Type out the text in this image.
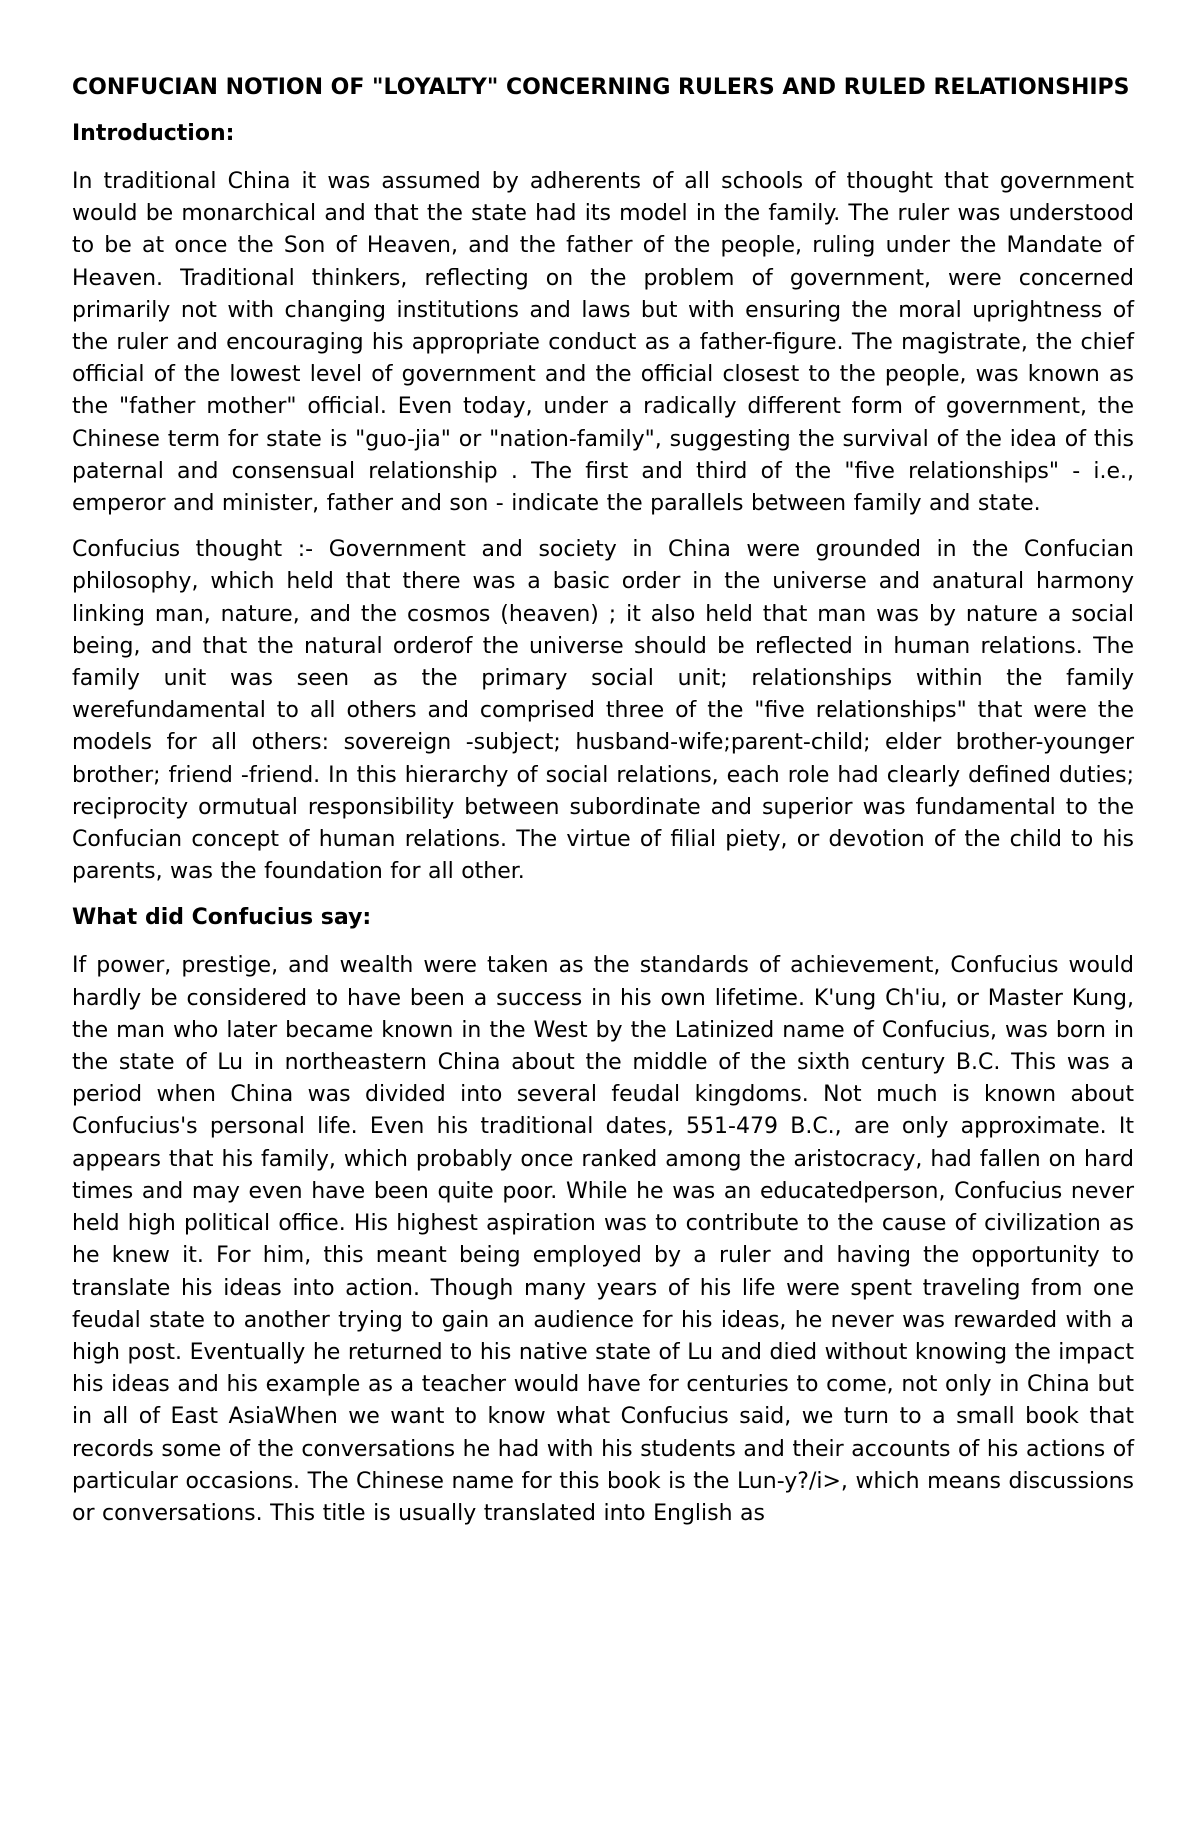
CONFUCIAN NOTION OF "LOYALTY" CONCERNING RULERS AND RULED RELATIONSHIPS
Introduction:

In traditional China it was assumed by adherents of all schools of thought that government would be monarchical and that the state had its model in the family. The ruler was understood to be at once the Son of Heaven, and the father of the people, ruling under the Mandate of Heaven. Traditional thinkers, reflecting on the problem of government, were concerned primarily not with changing institutions and laws but with ensuring the moral uprightness of the ruler and encouraging his appropriate conduct as a father-figure. The magistrate, the chief official of the lowest level of government and the official closest to the people, was known as the "father mother" official. Even today, under a radically different form of government, the Chinese term for state is "guo-jia" or "nation-family", suggesting the survival of the idea of this paternal and consensual relationship . The first and third of the "five relationships" - i.e., emperor and minister, father and son - indicate the parallels between family and state.

Confucius thought :- Government and society in China were grounded in the Confucian philosophy, which held that there was a basic order in the universe and anatural harmony linking man, nature, and the cosmos (heaven) ; it also held that man was by nature a social being, and that the natural orderof the universe should be reflected in human relations. The family unit was seen as the primary social unit; relationships within the family werefundamental to all others and comprised three of the "five relationships" that were the models for all others: sovereign -subject; husband-wife;parent-child; elder brother-younger brother; friend -friend. In this hierarchy of social relations, each role had clearly defined duties; reciprocity ormutual responsibility between subordinate and superior was fundamental to the Confucian concept of human relations. The virtue of filial piety, or devotion of the child to his parents, was the foundation for all other.

What did Confucius say:

If power, prestige, and wealth were taken as the standards of achievement, Confucius would hardly be considered to have been a success in his own lifetime. K'ung Ch'iu, or Master Kung, the man who later became known in the West by the Latinized name of Confucius, was born in the state of Lu in northeastern China about the middle of the sixth century B.C. This was a period when China was divided into several feudal kingdoms. Not much is known about Confucius's personal life. Even his traditional dates, 551-479 B.C., are only approximate. It appears that his family, which probably once ranked among the aristocracy, had fallen on hard times and may even have been quite poor. While he was an educatedperson, Confucius never held high political office. His highest aspiration was to contribute to the cause of civilization as he knew it. For him, this meant being employed by a ruler and having the opportunity to translate his ideas into action. Though many years of his life were spent traveling from one feudal state to another trying to gain an audience for his ideas, he never was rewarded with a high post. Eventually he returned to his native state of Lu and died without knowing the impact his ideas and his example as a teacher would have for centuries to come, not only in China but in all of East AsiaWhen we want to know what Confucius said, we turn to a small book that records some of the conversations he had with his students and their accounts of his actions of particular occasions. The Chinese name for this book is the Lun-y?/i>, which means discussions or conversations. This title is usually translated into English as
